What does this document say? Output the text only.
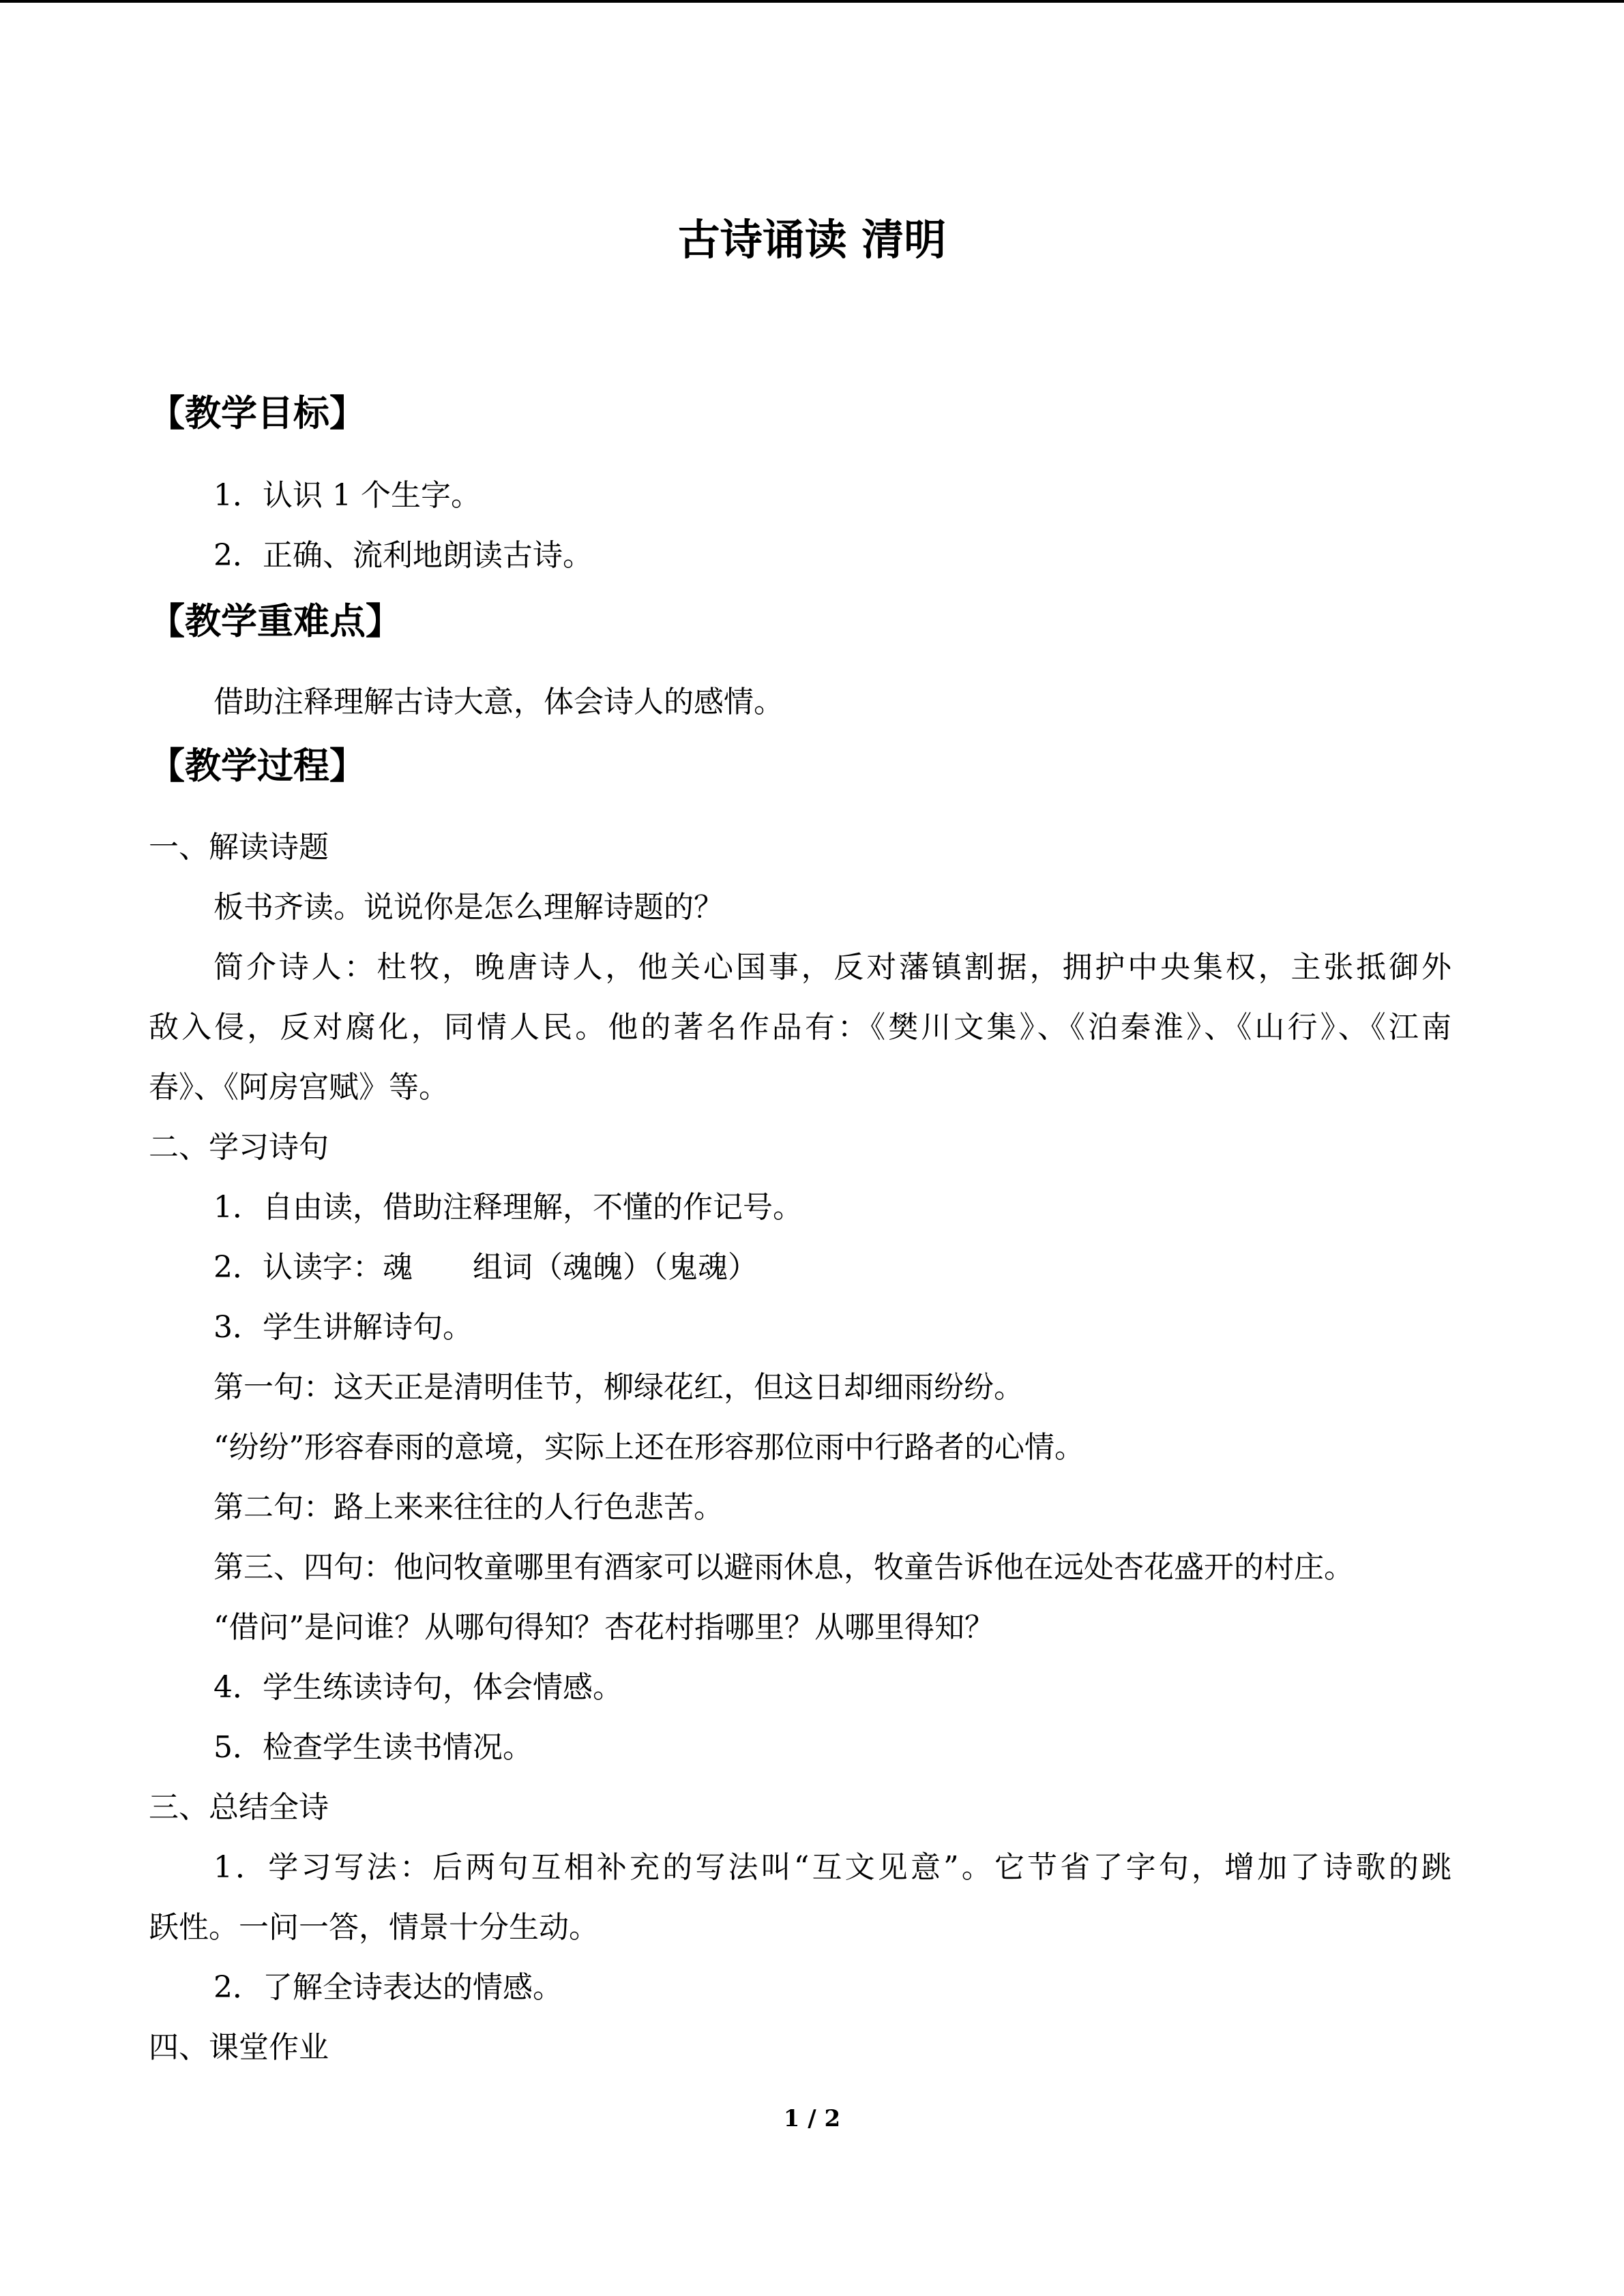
古诗诵读 清明
【教学目标】
1．认识 1 个生字。
2．正确、流利地朗读古诗。
【教学重难点】
借助注释理解古诗大意，体会诗人的感情。
【教学过程】
一、解读诗题
板书齐读。说说你是怎么理解诗题的？
简介诗人：杜牧，晚唐诗人，他关心国事，反对藩镇割据，拥护中央集权，主张抵御外
敌入侵，反对腐化，同情人民。他的著名作品有：《樊川文集》、《泊秦淮》、《山行》、《江南
春》、《阿房宫赋》等。
二、学习诗句
1．自由读，借助注释理解，不懂的作记号。
2．认读字：魂　　组词（魂魄）（鬼魂）
3．学生讲解诗句。
第一句：这天正是清明佳节，柳绿花红，但这日却细雨纷纷。
“纷纷”形容春雨的意境，实际上还在形容那位雨中行路者的心情。
第二句：路上来来往往的人行色悲苦。
第三、四句：他问牧童哪里有酒家可以避雨休息，牧童告诉他在远处杏花盛开的村庄。
“借问”是问谁？从哪句得知？杏花村指哪里？从哪里得知？
4．学生练读诗句，体会情感。
5．检查学生读书情况。
三、总结全诗
1．学习写法：后两句互相补充的写法叫“互文见意”。它节省了字句，增加了诗歌的跳
跃性。一问一答，情景十分生动。
2．了解全诗表达的情感。
四、课堂作业
1 / 2
